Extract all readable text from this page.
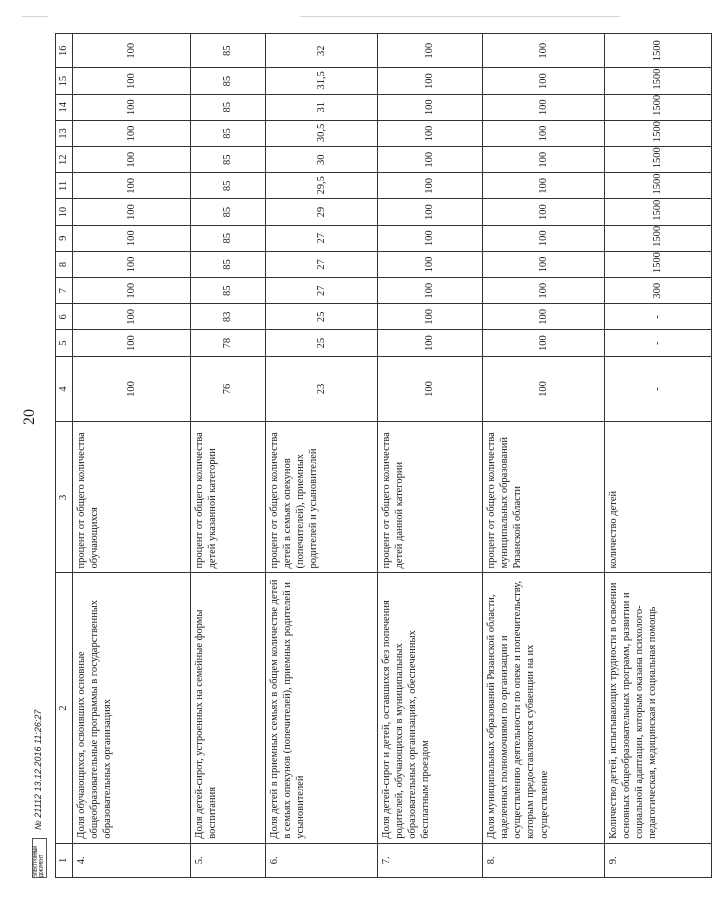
20
1	2	3	4	5	6	7	8	9	10	11	12	13	14	15	16
4.	Доля обучающихся, освоивших основные общеобразовательные программы в государственных образовательных организациях	процент от общего количества обучающихся	100	100	100	100	100	100	100	100	100	100	100	100	100
5.	Доля детей-сирот, устроенных на семейные формы воспитания	процент от общего количества детей указанной категории	76	78	83	85	85	85	85	85	85	85	85	85	85
6.	Доля детей в приемных семьях в общем количестве детей в семьях опекунов (попечителей), приемных родителей и усыновителей	процент от общего количества детей в семьях опекунов (попечителей), приемных родителей и усыновителей	23	25	25	27	27	27	29	29,5	30	30,5	31	31,5	32
7.	Доля детей-сирот и детей, оставшихся без попечения родителей, обучающихся в муниципальных образовательных организациях, обеспеченных бесплатным проездом	процент от общего количества детей данной категории	100	100	100	100	100	100	100	100	100	100	100	100	100
8.	Доля муниципальных образований Рязанской области, наделенных полномочиями по организации и осуществлению деятельности по опеке и попечительству, которым предоставляются субвенции на их осуществление	процент от общего количества муниципальных образований Рязанской области	100	100	100	100	100	100	100	100	100	100	100	100	100
9.	Количество детей, испытывающих трудности в освоении основных общеобразовательных программ, развитии и социальной адаптации, которым оказана психолого-педагогическая, медицинская и социальная помощь	количество детей	-	-	-	300	1500	1500	1500	1500	1500	1500	1500	1500	1500
ЭЛЕКТРОННЫЙ ДОКУМЕНТ
№ 21112 13.12.2016 11:26:27
